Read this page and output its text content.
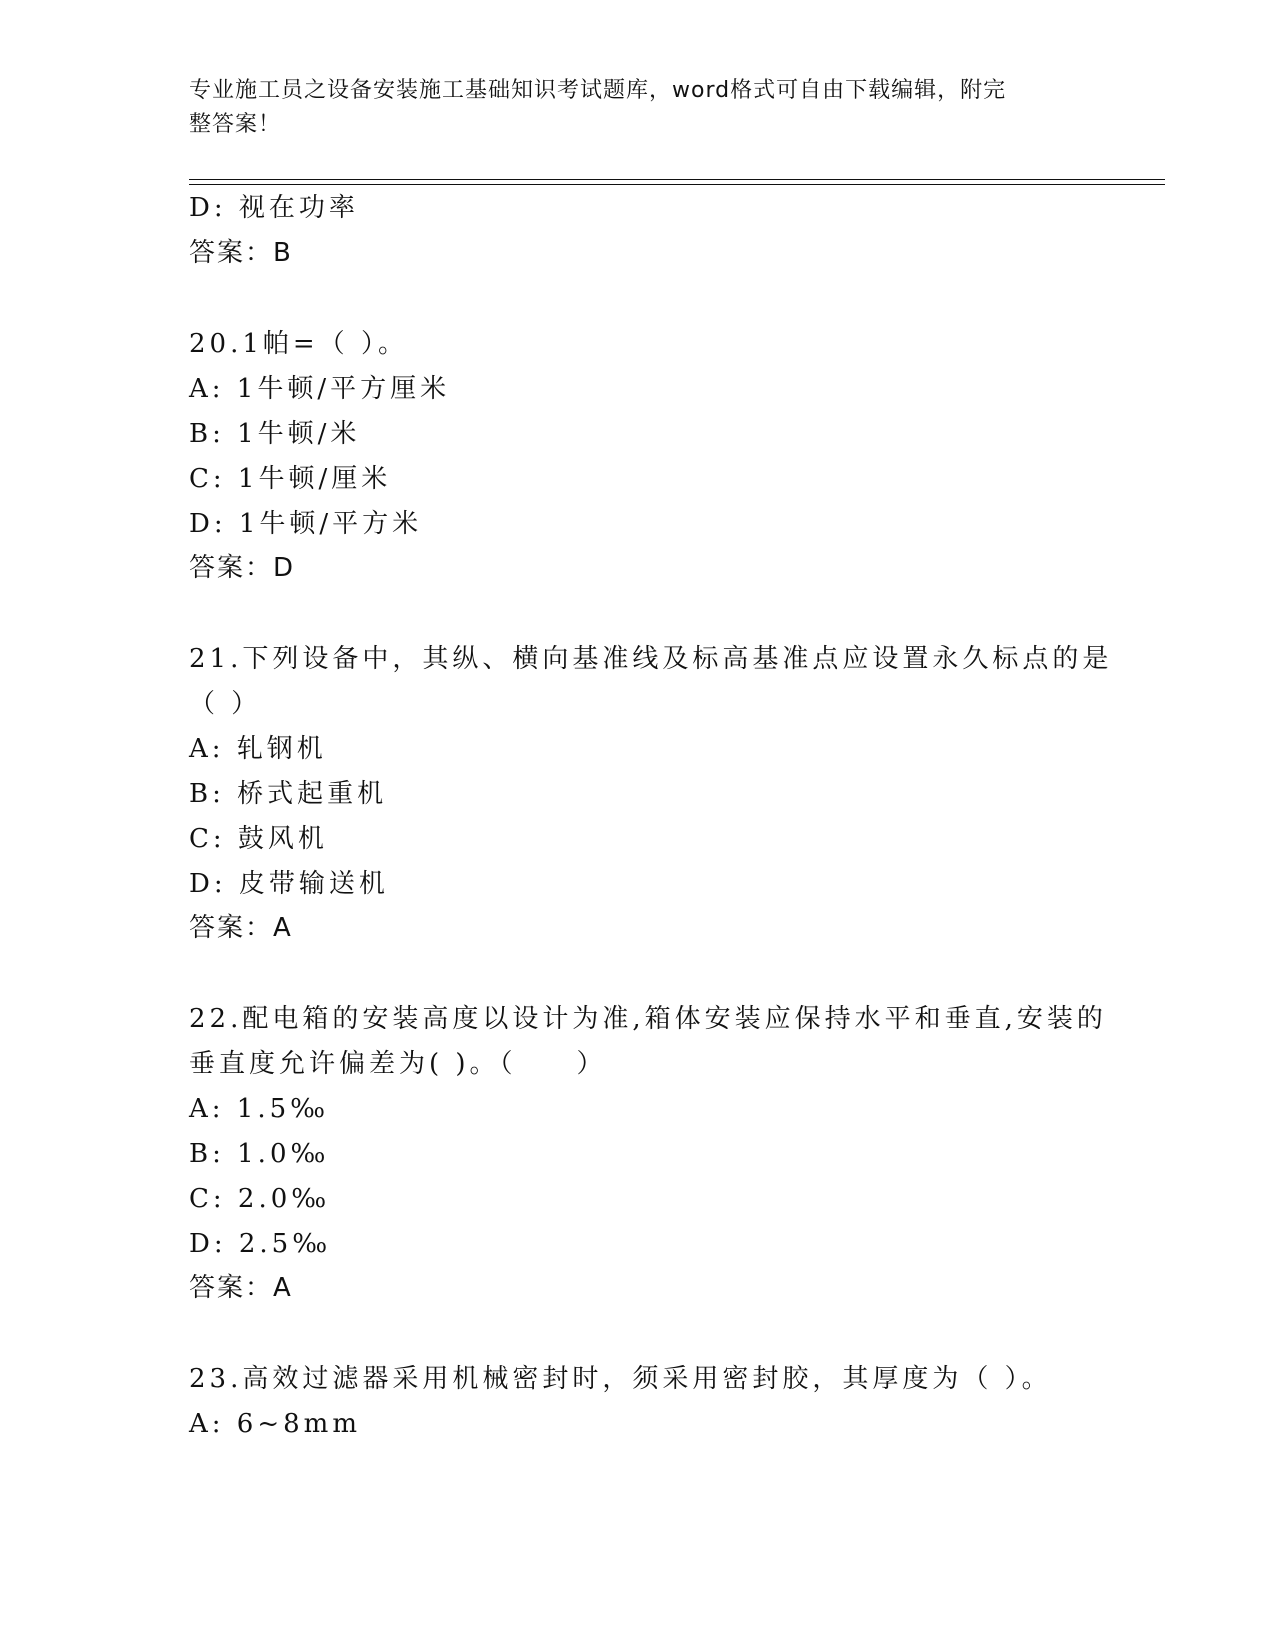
专业施工员之设备安装施工基础知识考试题库，word格式可自由下载编辑，附完
整答案！
D: 视在功率
答案：B
20.1帕=（ ）。
A: 1牛顿/平方厘米
B: 1牛顿/米
C: 1牛顿/厘米
D: 1牛顿/平方米
答案：D
21.下列设备中，其纵、横向基准线及标高基准点应设置永久标点的是
（ ）
A: 轧钢机
B: 桥式起重机
C: 鼓风机
D: 皮带输送机
答案：A
22.配电箱的安装高度以设计为准,箱体安装应保持水平和垂直,安装的
垂直度允许偏差为( )。（　　）
A: 1.5‰
B: 1.0‰
C: 2.0‰
D: 2.5‰
答案：A
23.高效过滤器采用机械密封时，须采用密封胶，其厚度为（ ）。
A: 6~8mm
